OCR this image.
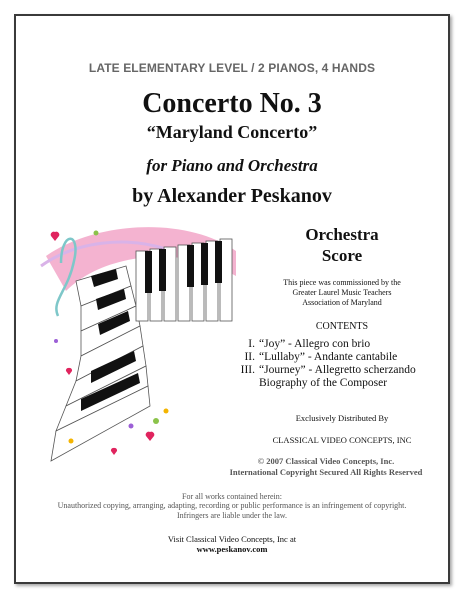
LATE ELEMENTARY LEVEL / 2 PIANOS, 4 HANDS
Concerto No. 3
“Maryland Concerto”
for Piano and Orchestra
by Alexander Peskanov
Orchestra
Score
This piece was commissioned by the
Greater Laurel Music Teachers
Association of Maryland
CONTENTS
I. “Joy” - Allegro con brio
II. “Lullaby” - Andante cantabile
III. “Journey” - Allegretto scherzando
Biography of the Composer
Exclusively Distributed By
CLASSICAL VIDEO CONCEPTS, INC
© 2007 Classical Video Concepts, Inc.
International Copyright Secured All Rights Reserved
For all works contained herein:
Unauthorized copying, arranging, adapting, recording or public performance is an infringement of copyright.
Infringers are liable under the law.
Visit Classical Video Concepts, Inc at
www.peskanov.com
